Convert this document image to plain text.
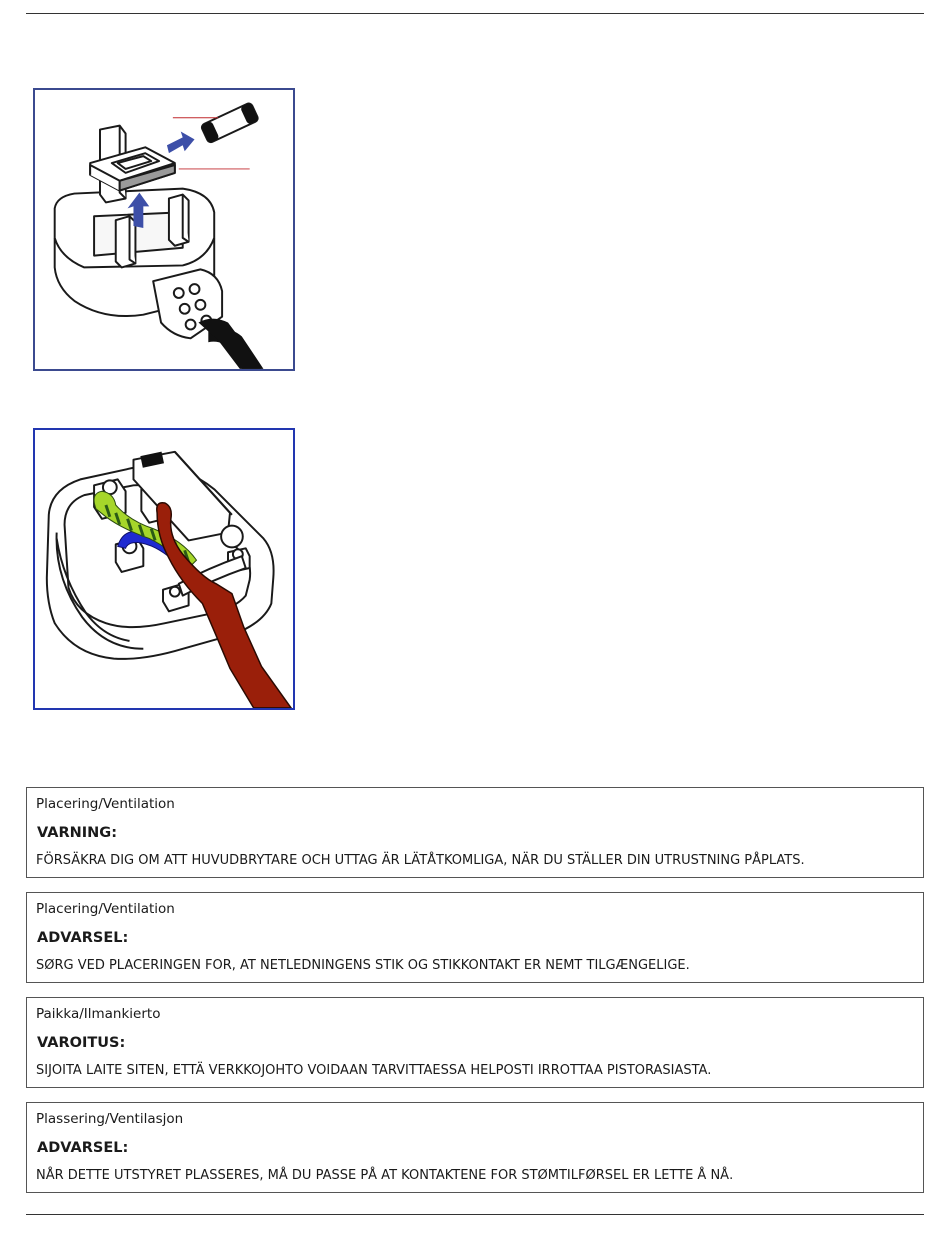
Placering/Ventilation

VARNING:

FÖRSÄKRA DIG OM ATT HUVUDBRYTARE OCH UTTAG ÄR LÄTÅTKOMLIGA, NÄR DU STÄLLER DIN UTRUSTNING PÅPLATS.

Placering/Ventilation

ADVARSEL:

SØRG VED PLACERINGEN FOR, AT NETLEDNINGENS STIK OG STIKKONTAKT ER NEMT TILGÆNGELIGE.

Paikka/Ilmankierto

VAROITUS:

SIJOITA LAITE SITEN, ETTÄ VERKKOJOHTO VOIDAAN TARVITTAESSA HELPOSTI IRROTTAA PISTORASIASTA.

Plassering/Ventilasjon

ADVARSEL:

NÅR DETTE UTSTYRET PLASSERES, MÅ DU PASSE PÅ AT KONTAKTENE FOR STØMTILFØRSEL ER LETTE Å NÅ.
